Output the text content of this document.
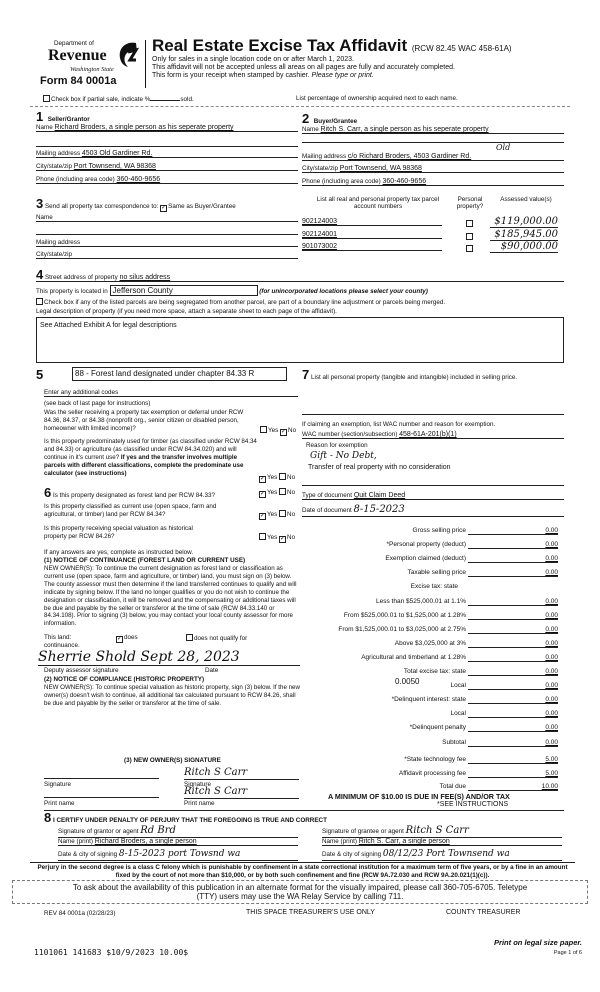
Department of
Revenue
Washington State
Form 84 0001a
Real Estate Excise Tax Affidavit (RCW 82.45 WAC 458-61A)
Only for sales in a single location code on or after March 1, 2023.
This affidavit will not be accepted unless all areas on all pages are fully and accurately completed.
This form is your receipt when stamped by cashier. Please type or print.
Check box if partial sale, indicate %	sold.	List percentage of ownership acquired next to each name.
1 Seller/Grantor
Name Richard Broders, a single person as his seperate property
Mailing address 4503 Old Gardiner Rd.
City/state/zip Port Townsend, WA 98368
Phone (including area code) 360-460-9656
2 Buyer/Grantee
Name Ritch S. Carr, a single person as his seperate property
Old
Mailing address c/o Richard Broders, 4503 Gardiner Rd.
City/state/zip Port Townsend, WA 98368
Phone (including area code) 360-460-9656
3 Send all property tax correspondence to: ✓ Same as Buyer/Grantee
Name
Mailing address
City/state/zip
List all real and personal property tax parcel account numbers
Personal property?
Assessed value(s)
902124003	$119,000.00
902124001	$185,945.00
901073002	$90,000.00
4 Street address of property no silus address
This property is located in Jefferson County	(for unincorporated locations please select your county)
Check box if any of the listed parcels are being segregated from another parcel, are part of a boundary line adjustment or parcels being merged.
Legal description of property (if you need more space, attach a separate sheet to each page of the affidavit).
See Attached Exhibit A for legal descriptions
5	88 - Forest land designated under chapter 84.33 R
Enter any additional codes
(see back of last page for instructions)
Was the seller receiving a property tax exemption or deferral under RCW 84.36, 84.37, or 84.38 (nonprofit org., senior citizen or disabled person, homeowner with limited income)?	Yes ✓ No
Is this property predominately used for timber (as classified under RCW 84.34 and 84.33) or agriculture (as classified under RCW 84.34.020) and will continue in it's current use? If yes and the transfer involves multiple parcels with different classifications, complete the predominate use calculator (see instructions)
✓ Yes No
6 Is this property designated as forest land per RCW 84.33?	✓ Yes No
Is this property classified as current use (open space, farm and agricultural, or timber) land per RCW 84.34?	✓ Yes No
Is this property receiving special valuation as historical property per RCW 84.26?	Yes ✓ No
If any answers are yes, complete as instructed below.
(1) NOTICE OF CONTINUANCE (FOREST LAND OR CURRENT USE)
NEW OWNER(S): To continue the current designation as forest land or classification as current use (open space, farm and agriculture, or timber) land, you must sign on (3) below. The county assessor must then determine if the land transferred continues to qualify and will indicate by signing below. If the land no longer qualifies or you do not wish to continue the designation or classification, it will be removed and the compensating or additional taxes will be due and payable by the seller or transferor at the time of sale (RCW 84.33.140 or 84.34.108). Prior to signing (3) below, you may contact your local county assessor for more information.
This land:
continuance.
✓ does	does not qualify for
Sherrie Shold Sept 28, 2023
Deputy assessor signature	Date
(2) NOTICE OF COMPLIANCE (HISTORIC PROPERTY)
NEW OWNER(S): To continue special valuation as historic property, sign (3) below. If the new owner(s) doesn't wish to continue, all additional tax calculated pursuant to RCW 84.26, shall be due and payable by the seller or transferor at the time of sale.
(3) NEW OWNER(S) SIGNATURE
Signature
Print name
Ritch S Carr
Signature
Ritch S Carr
Print name
7 List all personal property (tangible and intangible) included in selling price.
If claiming an exemption, list WAC number and reason for exemption.
WAC number (section/subsection) 458-61A-201(b)(1)
Reason for exemption
Gift - No Debt,
Transfer of real property with no consideration
Type of document Quit Claim Deed
Date of document 8-15-2023
Gross selling price	0.00
*Personal property (deduct)	0.00
Exemption claimed (deduct)	0.00
Taxable selling price	0.00
Excise tax: state
Less than $525,000.01 at 1.1%	0.00
From $525,000.01 to $1,525,000 at 1.28%	0.00
From $1,525,000.01 to $3,025,000 at 2.75%	0.00
Above $3,025,000 at 3%	0.00
Agricultural and timberland at 1.28%	0.00
Total excise tax: state	0.00
Local	0.00
*Delinquent interest: state	0.00
Local	0.00
*Delinquent penalty	0.00
Subtotal	0.00
*State technology fee	5.00
Affidavit processing fee	5.00
Total due	10.00
0.0050
A MINIMUM OF $10.00 IS DUE IN FEE(S) AND/OR TAX
*SEE INSTRUCTIONS
8 I CERTIFY UNDER PENALTY OF PERJURY THAT THE FOREGOING IS TRUE AND CORRECT
Signature of grantor or agent Rd Brd
Name (print) Richard Broders, a single person
Date & city of signing 8-15-2023 port Towsnd wa
Signature of grantee or agent Ritch S Carr
Name (print) Ritch S. Carr, a single person
Date & city of signing 08/12/23 Port Townsend wa
Perjury in the second degree is a class C felony which is punishable by confinement in a state correctional institution for a maximum term of five years, or by a fine in an amount fixed by the court of not more than $10,000, or by both such confinement and fine (RCW 9A.72.030 and RCW 9A.20.021(1)(c)).
To ask about the availability of this publication in an alternate format for the visually impaired, please call 360-705-6705. Teletype (TTY) users may use the WA Relay Service by calling 711.
REV 84 0001a (02/28/23)	THIS SPACE TREASURER'S USE ONLY	COUNTY TREASURER
1101061 141683 $10/9/2023 10.00$
Print on legal size paper.
Page 1 of 6
